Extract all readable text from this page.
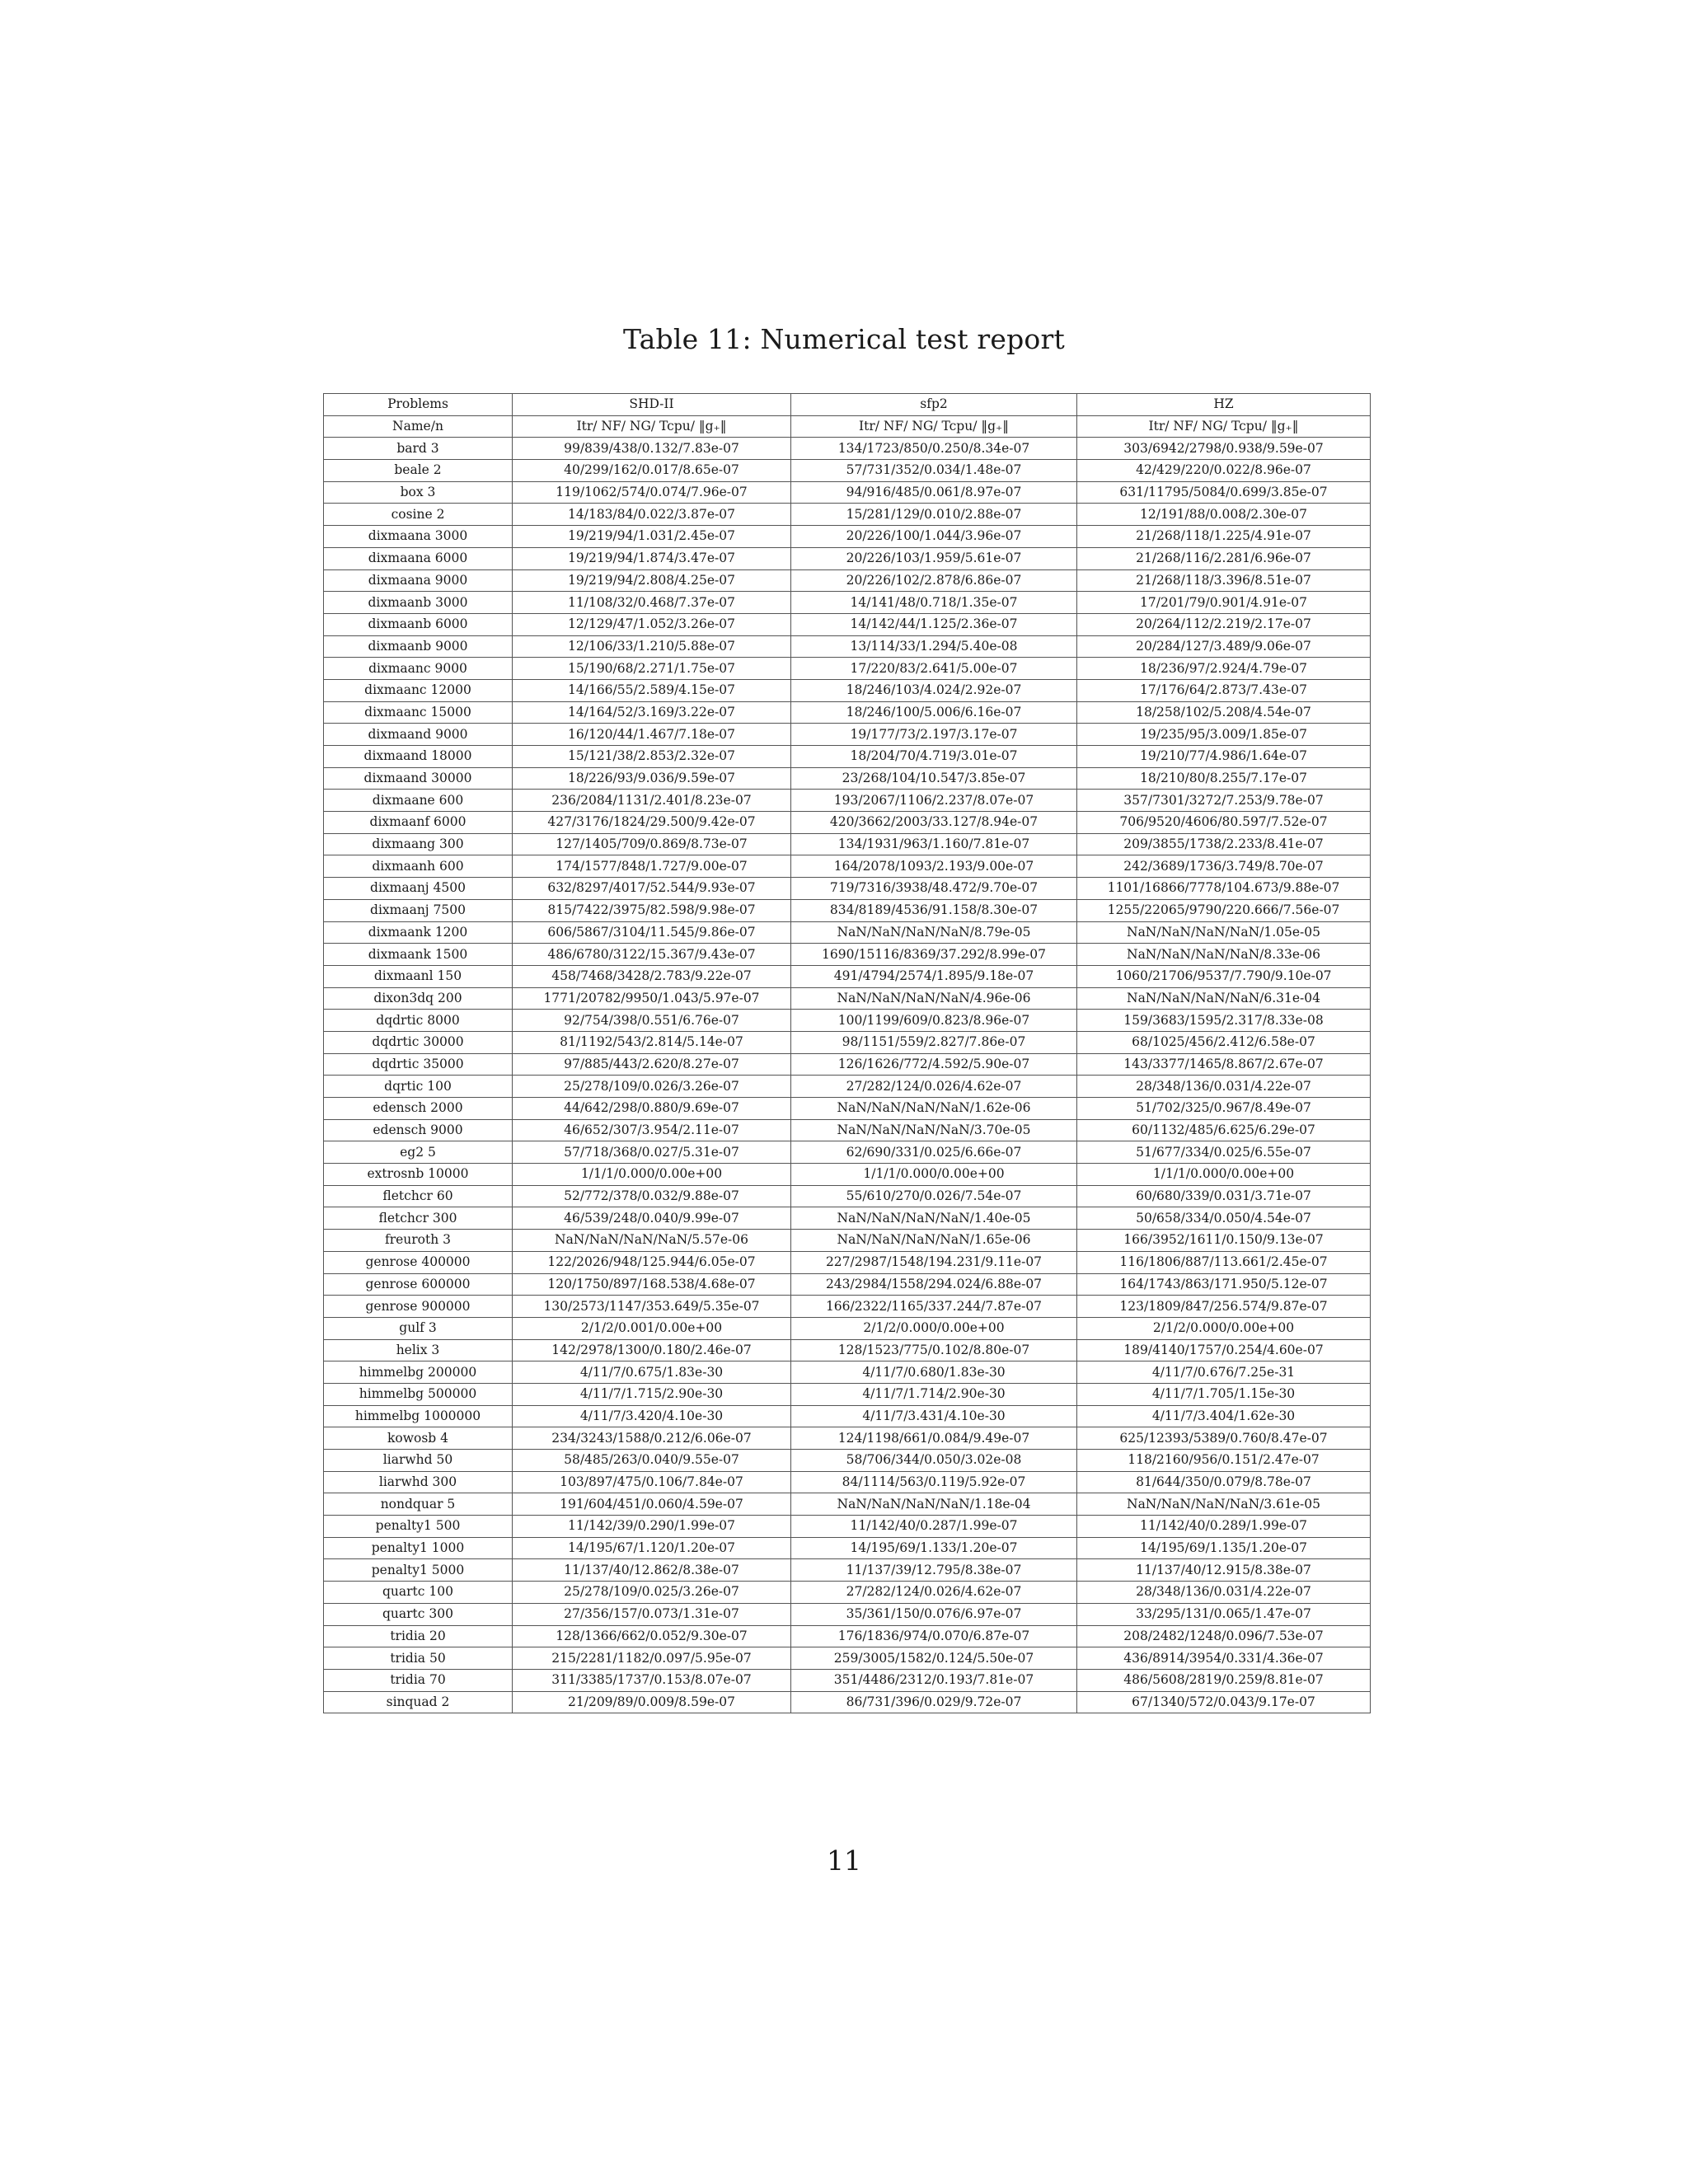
Table 11: Numerical test report
Problems	SHD-II	sfp2	HZ
Name/n	Itr/ NF/ NG/ Tcpu/ ‖g₊‖	Itr/ NF/ NG/ Tcpu/ ‖g₊‖	Itr/ NF/ NG/ Tcpu/ ‖g₊‖
bard 3	99/839/438/0.132/7.83e-07	134/1723/850/0.250/8.34e-07	303/6942/2798/0.938/9.59e-07
beale 2	40/299/162/0.017/8.65e-07	57/731/352/0.034/1.48e-07	42/429/220/0.022/8.96e-07
box 3	119/1062/574/0.074/7.96e-07	94/916/485/0.061/8.97e-07	631/11795/5084/0.699/3.85e-07
cosine 2	14/183/84/0.022/3.87e-07	15/281/129/0.010/2.88e-07	12/191/88/0.008/2.30e-07
dixmaana 3000	19/219/94/1.031/2.45e-07	20/226/100/1.044/3.96e-07	21/268/118/1.225/4.91e-07
dixmaana 6000	19/219/94/1.874/3.47e-07	20/226/103/1.959/5.61e-07	21/268/116/2.281/6.96e-07
dixmaana 9000	19/219/94/2.808/4.25e-07	20/226/102/2.878/6.86e-07	21/268/118/3.396/8.51e-07
dixmaanb 3000	11/108/32/0.468/7.37e-07	14/141/48/0.718/1.35e-07	17/201/79/0.901/4.91e-07
dixmaanb 6000	12/129/47/1.052/3.26e-07	14/142/44/1.125/2.36e-07	20/264/112/2.219/2.17e-07
dixmaanb 9000	12/106/33/1.210/5.88e-07	13/114/33/1.294/5.40e-08	20/284/127/3.489/9.06e-07
dixmaanc 9000	15/190/68/2.271/1.75e-07	17/220/83/2.641/5.00e-07	18/236/97/2.924/4.79e-07
dixmaanc 12000	14/166/55/2.589/4.15e-07	18/246/103/4.024/2.92e-07	17/176/64/2.873/7.43e-07
dixmaanc 15000	14/164/52/3.169/3.22e-07	18/246/100/5.006/6.16e-07	18/258/102/5.208/4.54e-07
dixmaand 9000	16/120/44/1.467/7.18e-07	19/177/73/2.197/3.17e-07	19/235/95/3.009/1.85e-07
dixmaand 18000	15/121/38/2.853/2.32e-07	18/204/70/4.719/3.01e-07	19/210/77/4.986/1.64e-07
dixmaand 30000	18/226/93/9.036/9.59e-07	23/268/104/10.547/3.85e-07	18/210/80/8.255/7.17e-07
dixmaane 600	236/2084/1131/2.401/8.23e-07	193/2067/1106/2.237/8.07e-07	357/7301/3272/7.253/9.78e-07
dixmaanf 6000	427/3176/1824/29.500/9.42e-07	420/3662/2003/33.127/8.94e-07	706/9520/4606/80.597/7.52e-07
dixmaang 300	127/1405/709/0.869/8.73e-07	134/1931/963/1.160/7.81e-07	209/3855/1738/2.233/8.41e-07
dixmaanh 600	174/1577/848/1.727/9.00e-07	164/2078/1093/2.193/9.00e-07	242/3689/1736/3.749/8.70e-07
dixmaanj 4500	632/8297/4017/52.544/9.93e-07	719/7316/3938/48.472/9.70e-07	1101/16866/7778/104.673/9.88e-07
dixmaanj 7500	815/7422/3975/82.598/9.98e-07	834/8189/4536/91.158/8.30e-07	1255/22065/9790/220.666/7.56e-07
dixmaank 1200	606/5867/3104/11.545/9.86e-07	NaN/NaN/NaN/NaN/8.79e-05	NaN/NaN/NaN/NaN/1.05e-05
dixmaank 1500	486/6780/3122/15.367/9.43e-07	1690/15116/8369/37.292/8.99e-07	NaN/NaN/NaN/NaN/8.33e-06
dixmaanl 150	458/7468/3428/2.783/9.22e-07	491/4794/2574/1.895/9.18e-07	1060/21706/9537/7.790/9.10e-07
dixon3dq 200	1771/20782/9950/1.043/5.97e-07	NaN/NaN/NaN/NaN/4.96e-06	NaN/NaN/NaN/NaN/6.31e-04
dqdrtic 8000	92/754/398/0.551/6.76e-07	100/1199/609/0.823/8.96e-07	159/3683/1595/2.317/8.33e-08
dqdrtic 30000	81/1192/543/2.814/5.14e-07	98/1151/559/2.827/7.86e-07	68/1025/456/2.412/6.58e-07
dqdrtic 35000	97/885/443/2.620/8.27e-07	126/1626/772/4.592/5.90e-07	143/3377/1465/8.867/2.67e-07
dqrtic 100	25/278/109/0.026/3.26e-07	27/282/124/0.026/4.62e-07	28/348/136/0.031/4.22e-07
edensch 2000	44/642/298/0.880/9.69e-07	NaN/NaN/NaN/NaN/1.62e-06	51/702/325/0.967/8.49e-07
edensch 9000	46/652/307/3.954/2.11e-07	NaN/NaN/NaN/NaN/3.70e-05	60/1132/485/6.625/6.29e-07
eg2 5	57/718/368/0.027/5.31e-07	62/690/331/0.025/6.66e-07	51/677/334/0.025/6.55e-07
extrosnb 10000	1/1/1/0.000/0.00e+00	1/1/1/0.000/0.00e+00	1/1/1/0.000/0.00e+00
fletchcr 60	52/772/378/0.032/9.88e-07	55/610/270/0.026/7.54e-07	60/680/339/0.031/3.71e-07
fletchcr 300	46/539/248/0.040/9.99e-07	NaN/NaN/NaN/NaN/1.40e-05	50/658/334/0.050/4.54e-07
freuroth 3	NaN/NaN/NaN/NaN/5.57e-06	NaN/NaN/NaN/NaN/1.65e-06	166/3952/1611/0.150/9.13e-07
genrose 400000	122/2026/948/125.944/6.05e-07	227/2987/1548/194.231/9.11e-07	116/1806/887/113.661/2.45e-07
genrose 600000	120/1750/897/168.538/4.68e-07	243/2984/1558/294.024/6.88e-07	164/1743/863/171.950/5.12e-07
genrose 900000	130/2573/1147/353.649/5.35e-07	166/2322/1165/337.244/7.87e-07	123/1809/847/256.574/9.87e-07
gulf 3	2/1/2/0.001/0.00e+00	2/1/2/0.000/0.00e+00	2/1/2/0.000/0.00e+00
helix 3	142/2978/1300/0.180/2.46e-07	128/1523/775/0.102/8.80e-07	189/4140/1757/0.254/4.60e-07
himmelbg 200000	4/11/7/0.675/1.83e-30	4/11/7/0.680/1.83e-30	4/11/7/0.676/7.25e-31
himmelbg 500000	4/11/7/1.715/2.90e-30	4/11/7/1.714/2.90e-30	4/11/7/1.705/1.15e-30
himmelbg 1000000	4/11/7/3.420/4.10e-30	4/11/7/3.431/4.10e-30	4/11/7/3.404/1.62e-30
kowosb 4	234/3243/1588/0.212/6.06e-07	124/1198/661/0.084/9.49e-07	625/12393/5389/0.760/8.47e-07
liarwhd 50	58/485/263/0.040/9.55e-07	58/706/344/0.050/3.02e-08	118/2160/956/0.151/2.47e-07
liarwhd 300	103/897/475/0.106/7.84e-07	84/1114/563/0.119/5.92e-07	81/644/350/0.079/8.78e-07
nondquar 5	191/604/451/0.060/4.59e-07	NaN/NaN/NaN/NaN/1.18e-04	NaN/NaN/NaN/NaN/3.61e-05
penalty1 500	11/142/39/0.290/1.99e-07	11/142/40/0.287/1.99e-07	11/142/40/0.289/1.99e-07
penalty1 1000	14/195/67/1.120/1.20e-07	14/195/69/1.133/1.20e-07	14/195/69/1.135/1.20e-07
penalty1 5000	11/137/40/12.862/8.38e-07	11/137/39/12.795/8.38e-07	11/137/40/12.915/8.38e-07
quartc 100	25/278/109/0.025/3.26e-07	27/282/124/0.026/4.62e-07	28/348/136/0.031/4.22e-07
quartc 300	27/356/157/0.073/1.31e-07	35/361/150/0.076/6.97e-07	33/295/131/0.065/1.47e-07
tridia 20	128/1366/662/0.052/9.30e-07	176/1836/974/0.070/6.87e-07	208/2482/1248/0.096/7.53e-07
tridia 50	215/2281/1182/0.097/5.95e-07	259/3005/1582/0.124/5.50e-07	436/8914/3954/0.331/4.36e-07
tridia 70	311/3385/1737/0.153/8.07e-07	351/4486/2312/0.193/7.81e-07	486/5608/2819/0.259/8.81e-07
sinquad 2	21/209/89/0.009/8.59e-07	86/731/396/0.029/9.72e-07	67/1340/572/0.043/9.17e-07
11
